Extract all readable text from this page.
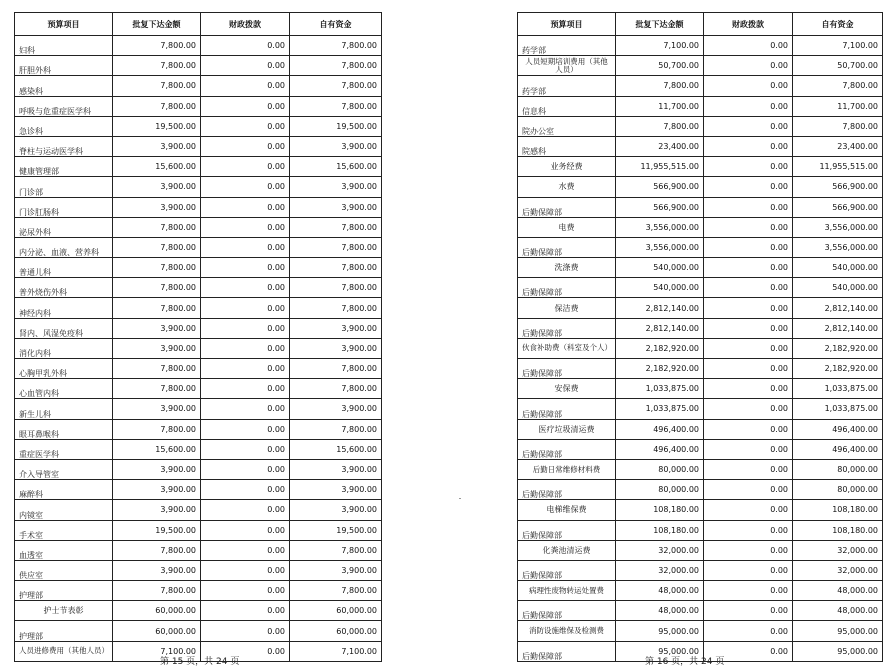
预算项目	批复下达金额	财政拨款	自有资金
妇科	7,800.00	0.00	7,800.00
肝胆外科	7,800.00	0.00	7,800.00
感染科	7,800.00	0.00	7,800.00
呼吸与危重症医学科	7,800.00	0.00	7,800.00
急诊科	19,500.00	0.00	19,500.00
脊柱与运动医学科	3,900.00	0.00	3,900.00
健康管理部	15,600.00	0.00	15,600.00
门诊部	3,900.00	0.00	3,900.00
门诊肛肠科	3,900.00	0.00	3,900.00
泌尿外科	7,800.00	0.00	7,800.00
内分泌、血液、营养科	7,800.00	0.00	7,800.00
普通儿科	7,800.00	0.00	7,800.00
普外烧伤外科	7,800.00	0.00	7,800.00
神经内科	7,800.00	0.00	7,800.00
肾内、风湿免疫科	3,900.00	0.00	3,900.00
消化内科	3,900.00	0.00	3,900.00
心胸甲乳外科	7,800.00	0.00	7,800.00
心血管内科	7,800.00	0.00	7,800.00
新生儿科	3,900.00	0.00	3,900.00
眼耳鼻喉科	7,800.00	0.00	7,800.00
重症医学科	15,600.00	0.00	15,600.00
介入导管室	3,900.00	0.00	3,900.00
麻醉科	3,900.00	0.00	3,900.00
内镜室	3,900.00	0.00	3,900.00
手术室	19,500.00	0.00	19,500.00
血透室	7,800.00	0.00	7,800.00
供应室	3,900.00	0.00	3,900.00
护理部	7,800.00	0.00	7,800.00
护士节表彰	60,000.00	0.00	60,000.00
护理部	60,000.00	0.00	60,000.00
人员进修费用（其他人员）	7,100.00	0.00	7,100.00
第 15 页，共 24 页
预算项目	批复下达金额	财政拨款	自有资金
药学部	7,100.00	0.00	7,100.00
人员短期培训费用（其他人员）	50,700.00	0.00	50,700.00
药学部	7,800.00	0.00	7,800.00
信息科	11,700.00	0.00	11,700.00
院办公室	7,800.00	0.00	7,800.00
院感科	23,400.00	0.00	23,400.00
业务经费	11,955,515.00	0.00	11,955,515.00
水费	566,900.00	0.00	566,900.00
后勤保障部	566,900.00	0.00	566,900.00
电费	3,556,000.00	0.00	3,556,000.00
后勤保障部	3,556,000.00	0.00	3,556,000.00
洗涤费	540,000.00	0.00	540,000.00
后勤保障部	540,000.00	0.00	540,000.00
保洁费	2,812,140.00	0.00	2,812,140.00
后勤保障部	2,812,140.00	0.00	2,812,140.00
伙食补助费（科室及个人）	2,182,920.00	0.00	2,182,920.00
后勤保障部	2,182,920.00	0.00	2,182,920.00
安保费	1,033,875.00	0.00	1,033,875.00
后勤保障部	1,033,875.00	0.00	1,033,875.00
医疗垃圾清运费	496,400.00	0.00	496,400.00
后勤保障部	496,400.00	0.00	496,400.00
后勤日常维修材料费	80,000.00	0.00	80,000.00
后勤保障部	80,000.00	0.00	80,000.00
电梯维保费	108,180.00	0.00	108,180.00
后勤保障部	108,180.00	0.00	108,180.00
化粪池清运费	32,000.00	0.00	32,000.00
后勤保障部	32,000.00	0.00	32,000.00
病理性废物转运处置费	48,000.00	0.00	48,000.00
后勤保障部	48,000.00	0.00	48,000.00
消防设施维保及检测费	95,000.00	0.00	95,000.00
后勤保障部	95,000.00	0.00	95,000.00
第 16 页，共 24 页
